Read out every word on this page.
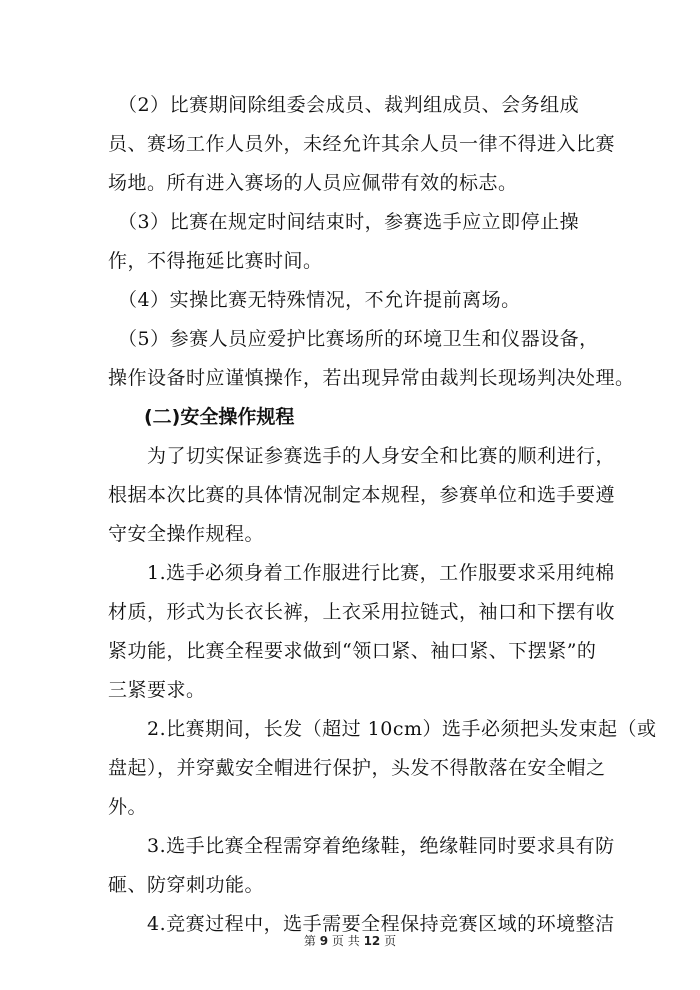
　（2）比赛期间除组委会成员、裁判组成员、会务组成
员、赛场工作人员外，未经允许其余人员一律不得进入比赛
场地。所有进入赛场的人员应佩带有效的标志。
　（3）比赛在规定时间结束时，参赛选手应立即停止操
作，不得拖延比赛时间。
　（4）实操比赛无特殊情况，不允许提前离场。
　（5）参赛人员应爱护比赛场所的环境卫生和仪器设备，
操作设备时应谨慎操作，若出现异常由裁判长现场判决处理。
(二)安全操作规程
　　为了切实保证参赛选手的人身安全和比赛的顺利进行，
根据本次比赛的具体情况制定本规程，参赛单位和选手要遵
守安全操作规程。
　　1.选手必须身着工作服进行比赛，工作服要求采用纯棉
材质，形式为长衣长裤，上衣采用拉链式，袖口和下摆有收
紧功能，比赛全程要求做到“领口紧、袖口紧、下摆紧”的
三紧要求。
　　2.比赛期间，长发（超过 10cm）选手必须把头发束起（或
盘起），并穿戴安全帽进行保护，头发不得散落在安全帽之
外。
　　3.选手比赛全程需穿着绝缘鞋，绝缘鞋同时要求具有防
砸、防穿刺功能。
　　4.竞赛过程中，选手需要全程保持竞赛区域的环境整洁
第 9 页 共 12 页
